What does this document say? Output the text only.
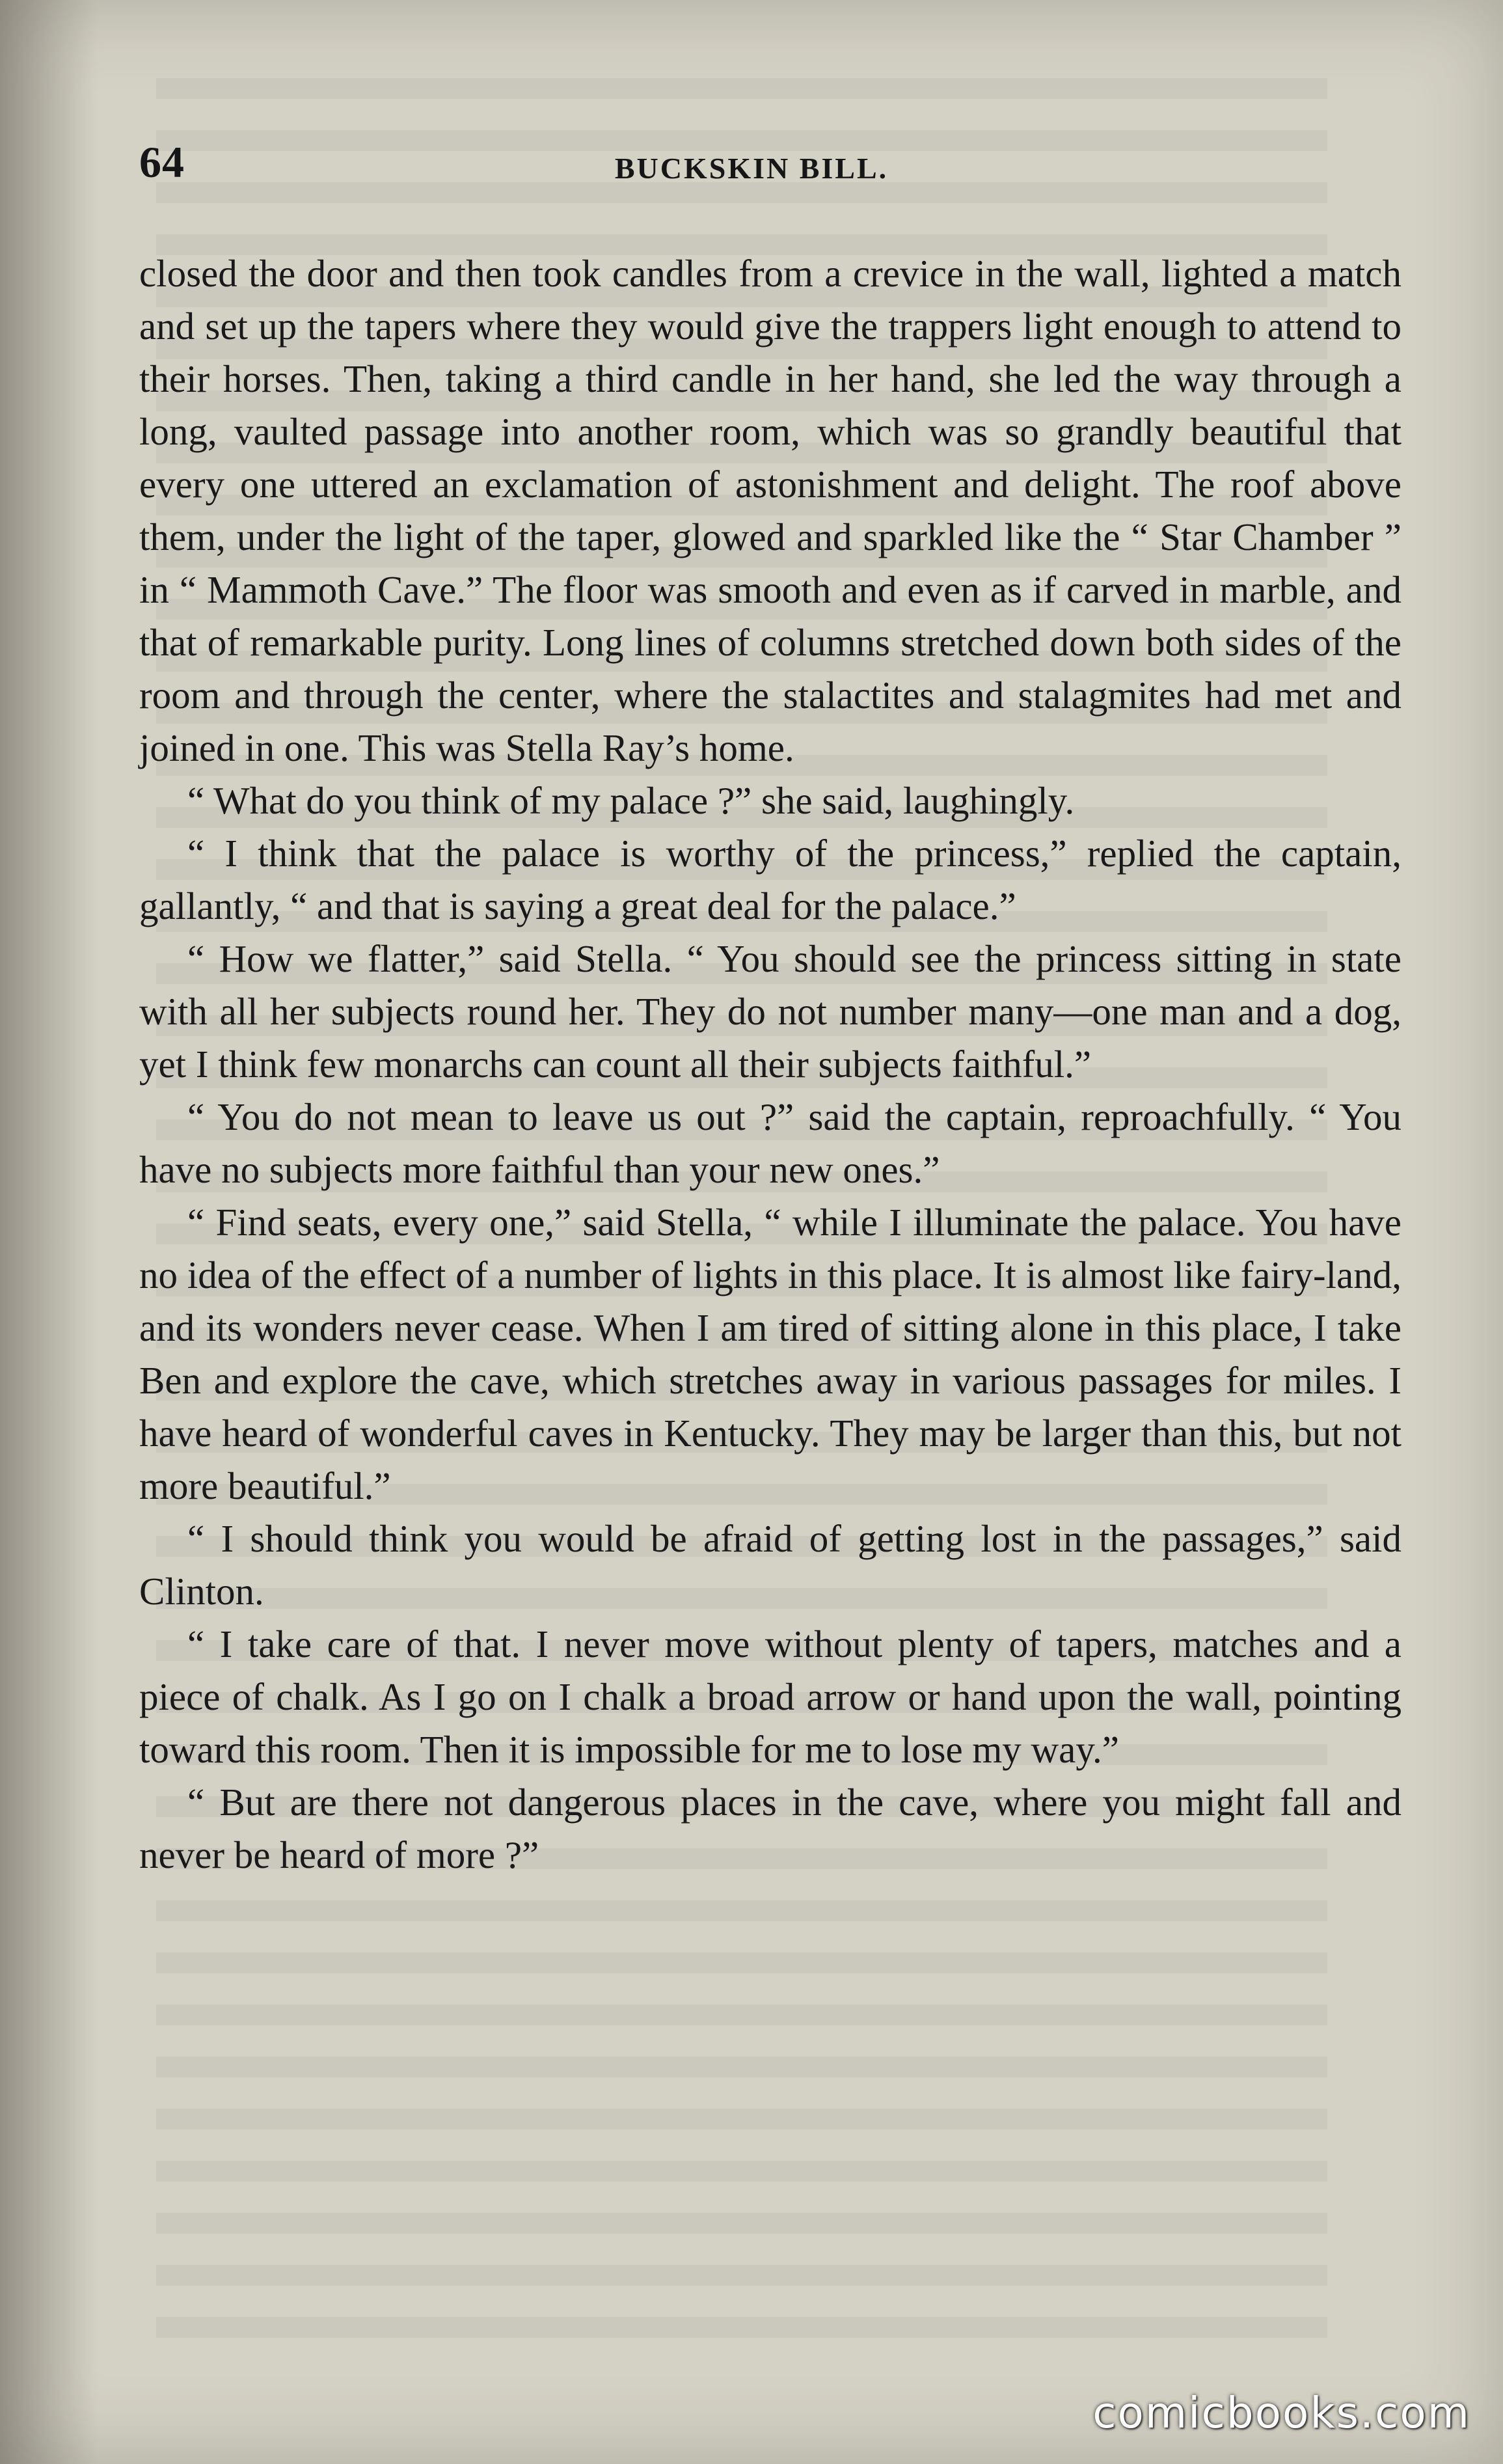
64	BUCKSKIN BILL.

closed the door and then took candles from a crevice in the wall, lighted a match and set up the tapers where they would give the trappers light enough to attend to their horses. Then, taking a third candle in her hand, she led the way through a long, vaulted passage into another room, which was so grandly beautiful that every one uttered an exclamation of astonishment and delight. The roof above them, under the light of the taper, glowed and sparkled like the “ Star Chamber ” in “ Mammoth Cave.” The floor was smooth and even as if carved in marble, and that of remarkable purity. Long lines of columns stretched down both sides of the room and through the center, where the stalactites and stalagmites had met and joined in one. This was Stella Ray’s home.

“ What do you think of my palace ?” she said, laughingly.

“ I think that the palace is worthy of the princess,” replied the captain, gallantly, “ and that is saying a great deal for the palace.”

“ How we flatter,” said Stella. “ You should see the princess sitting in state with all her subjects round her. They do not number many—one man and a dog, yet I think few monarchs can count all their subjects faithful.”

“ You do not mean to leave us out ?” said the captain, reproachfully. “ You have no subjects more faithful than your new ones.”

“ Find seats, every one,” said Stella, “ while I illuminate the palace. You have no idea of the effect of a number of lights in this place. It is almost like fairy-land, and its wonders never cease. When I am tired of sitting alone in this place, I take Ben and explore the cave, which stretches away in various passages for miles. I have heard of wonderful caves in Kentucky. They may be larger than this, but not more beautiful.”

“ I should think you would be afraid of getting lost in the passages,” said Clinton.

“ I take care of that. I never move without plenty of tapers, matches and a piece of chalk. As I go on I chalk a broad arrow or hand upon the wall, pointing toward this room. Then it is impossible for me to lose my way.”

“ But are there not dangerous places in the cave, where you might fall and never be heard of more ?”

comicbooks.com
